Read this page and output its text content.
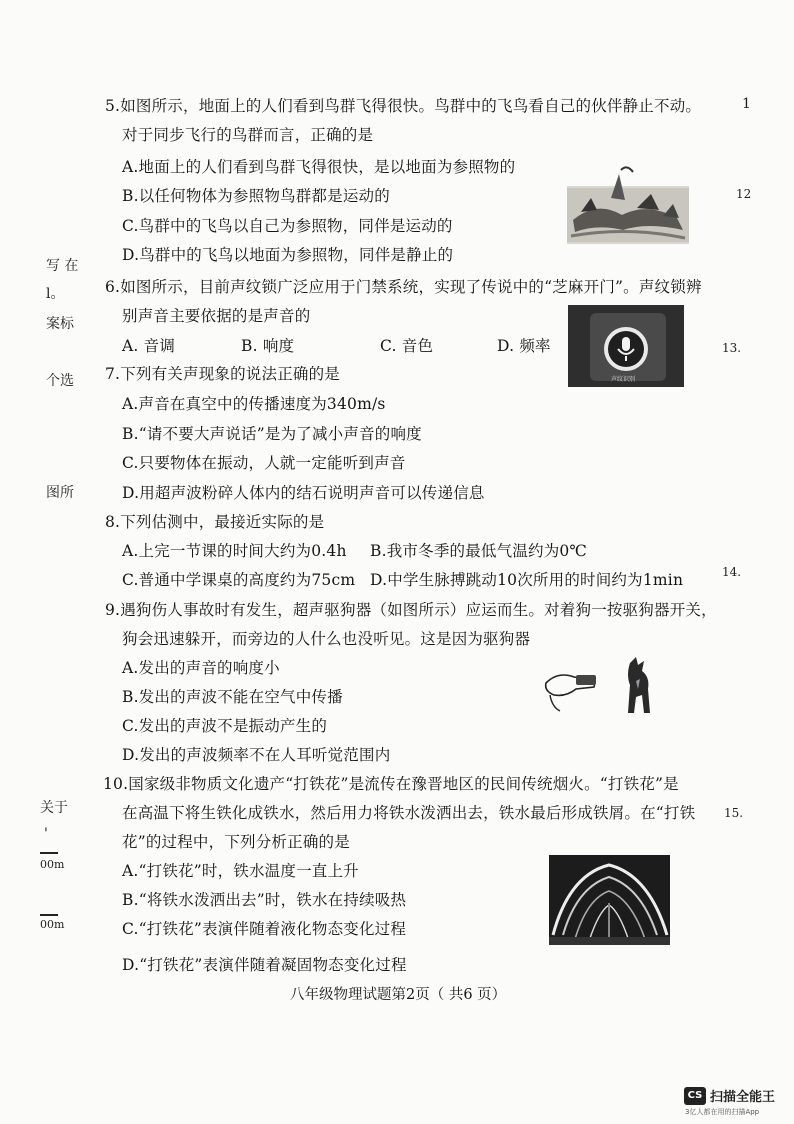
写 在
l。
案标
个选
图所
关于
'
00m
00m
1
12
13.
14.
15.
5.如图所示，地面上的人们看到鸟群飞得很快。鸟群中的飞鸟看自己的伙伴静止不动。
对于同步飞行的鸟群而言，正确的是
A.地面上的人们看到鸟群飞得很快，是以地面为参照物的
B.以任何物体为参照物鸟群都是运动的
C.鸟群中的飞鸟以自己为参照物，同伴是运动的
D.鸟群中的飞鸟以地面为参照物，同伴是静止的
6.如图所示，目前声纹锁广泛应用于门禁系统，实现了传说中的“芝麻开门”。声纹锁辨
别声音主要依据的是声音的
A. 音调	B. 响度	C. 音色	D. 频率
声纹识别
7.下列有关声现象的说法正确的是
A.声音在真空中的传播速度为340m/s
B.“请不要大声说话”是为了减小声音的响度
C.只要物体在振动，人就一定能听到声音
D.用超声波粉碎人体内的结石说明声音可以传递信息
8.下列估测中，最接近实际的是
A.上完一节课的时间大约为0.4h B.我市冬季的最低气温约为0℃
C.普通中学课桌的高度约为75cm D.中学生脉搏跳动10次所用的时间约为1min
9.遇狗伤人事故时有发生，超声驱狗器（如图所示）应运而生。对着狗一按驱狗器开关，
狗会迅速躲开，而旁边的人什么也没听见。这是因为驱狗器
A.发出的声音的响度小
B.发出的声波不能在空气中传播
C.发出的声波不是振动产生的
D.发出的声波频率不在人耳听觉范围内
10.国家级非物质文化遗产“打铁花”是流传在豫晋地区的民间传统烟火。“打铁花”是
在高温下将生铁化成铁水，然后用力将铁水泼洒出去，铁水最后形成铁屑。在“打铁
花”的过程中，下列分析正确的是
A.“打铁花”时，铁水温度一直上升
B.“将铁水泼洒出去”时，铁水在持续吸热
C.“打铁花”表演伴随着液化物态变化过程
D.“打铁花”表演伴随着凝固物态变化过程
八年级物理试题第2页（ 共6 页）
CS 扫描全能王
3亿人都在用的扫描App
